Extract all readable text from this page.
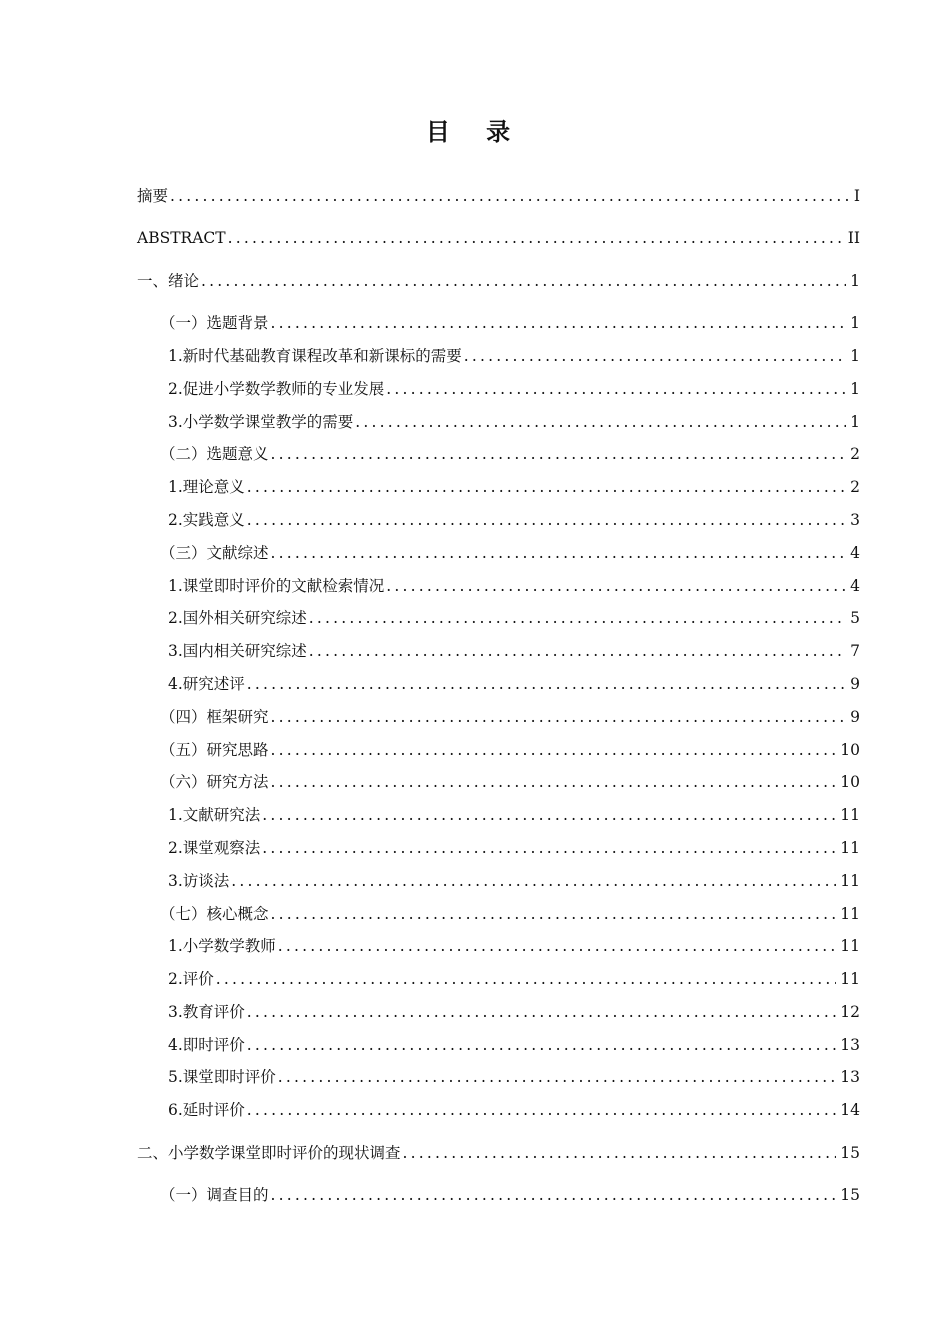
目 录
摘要 .....	I
ABSTRACT .....	II
一、绪论 .....	1
（一）选题背景 .....	1
1.新时代基础教育课程改革和新课标的需要 .....	1
2.促进小学数学教师的专业发展 .....	1
3.小学数学课堂教学的需要 .....	1
（二）选题意义 .....	2
1.理论意义 .....	2
2.实践意义 .....	3
（三）文献综述 .....	4
1.课堂即时评价的文献检索情况 .....	4
2.国外相关研究综述 .....	5
3.国内相关研究综述 .....	7
4.研究述评 .....	9
（四）框架研究 .....	9
（五）研究思路 .....	10
（六）研究方法 .....	10
1.文献研究法 .....	11
2.课堂观察法 .....	11
3.访谈法 .....	11
（七）核心概念 .....	11
1.小学数学教师 .....	11
2.评价 .....	11
3.教育评价 .....	12
4.即时评价 .....	13
5.课堂即时评价 .....	13
6.延时评价 .....	14
二、小学数学课堂即时评价的现状调查 .....	15
（一）调查目的 .....	15
